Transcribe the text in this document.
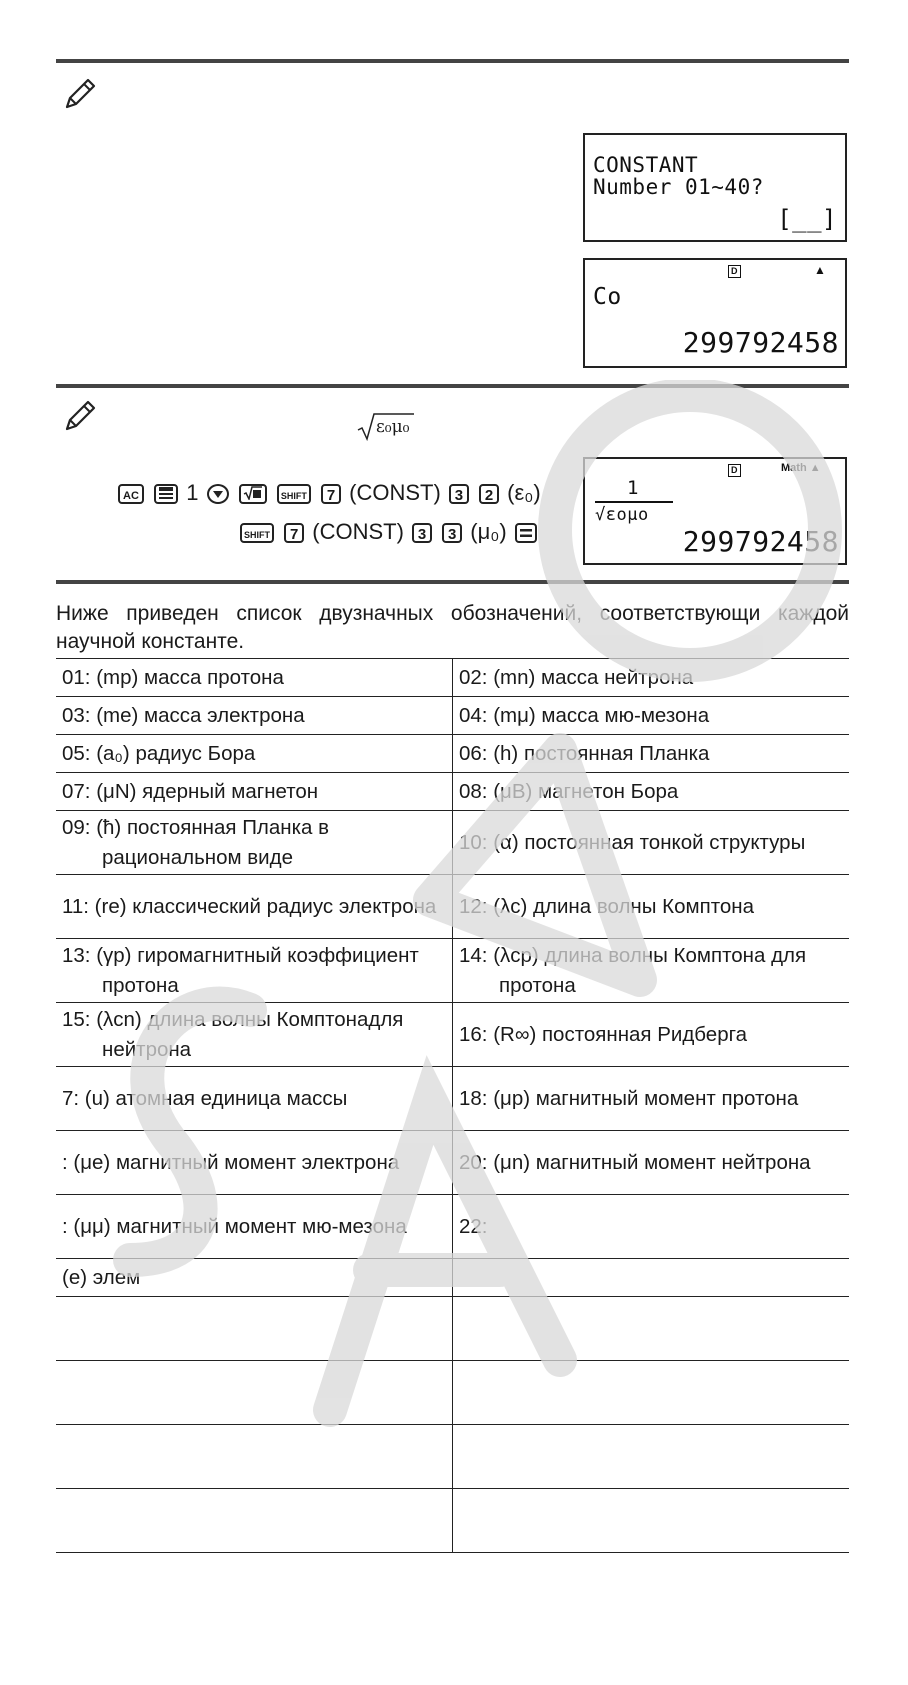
CONSTANT
Number 01~40?
[__]
D	▲
Co
299792458
ε₀μ₀
AC 1	SHIFT 7 (CONST) 3 2 (ε₀)
SHIFT 7 (CONST) 3 3 (μ₀)
D	Math ▲
1
√εoμo
299792458
Ниже приведен список двузначных обозначений, соответствующи каждой научной константе.
01: (mp) масса протона	02: (mn) масса нейтрона

03: (me) масса электрона	04: (mμ) масса мю-мезона

05: (a₀) радиус Бора	06: (h) постоянная Планка

07: (μN) ядерный магнетон	08: (μB) магнетон Бора

09: (ħ) постоянная Планка в рациональном виде	10: (α) постоянная тонкой структуры

11: (re) классический радиус электрона	12: (λc) длина волны Комптона

13: (γp) гиромагнитный коэффициент протона	14: (λcp) длина волны Комптона для протона

15: (λcn) длина волны Комптонадля нейтрона	16: (R∞) постоянная Ридберга

7: (u) атомная единица массы	18: (μp) магнитный момент протона

: (μe) магнитный момент электрона	20: (μn) магнитный момент нейтрона

: (μμ) магнитный момент мю-мезона	22:

(e) элем	
